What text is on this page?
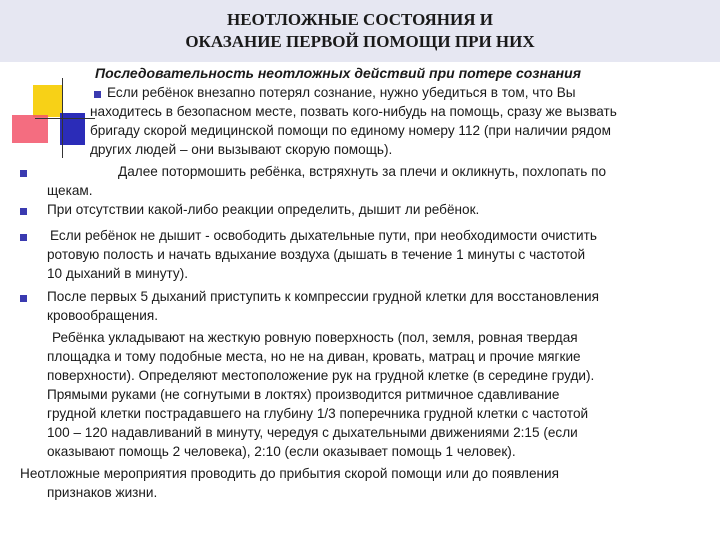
НЕОТЛОЖНЫЕ СОСТОЯНИЯ И
ОКАЗАНИЕ ПЕРВОЙ ПОМОЩИ ПРИ НИХ
Последовательность неотложных действий при потере сознания
Если ребёнок внезапно потерял сознание, нужно убедиться в том, что Вы
находитесь в безопасном месте, позвать кого-нибудь на помощь, сразу же вызвать
бригаду скорой медицинской помощи по единому номеру 112 (при наличии рядом
других людей – они вызывают скорую помощь).
Далее потормошить ребёнка, встряхнуть за плечи и окликнуть, похлопать по
щекам.
При отсутствии какой-либо реакции определить, дышит ли ребёнок.
Если ребёнок не дышит - освободить дыхательные пути, при необходимости очистить
ротовую полость и начать вдыхание воздуха (дышать в течение 1 минуты с частотой
10 дыханий в минуту).
После первых 5 дыханий приступить к компрессии грудной клетки для восстановления
кровообращения.
Ребёнка укладывают на жесткую ровную поверхность (пол, земля, ровная твердая
площадка и тому подобные места, но не на диван, кровать, матрац и прочие мягкие
поверхности). Определяют местоположение рук на грудной клетке (в середине груди).
Прямыми руками (не согнутыми в локтях) производится ритмичное сдавливание
грудной клетки пострадавшего на глубину 1/3 поперечника грудной клетки с частотой
100 – 120 надавливаний в минуту, чередуя с дыхательными движениями 2:15 (если
оказывают помощь 2 человека), 2:10 (если оказывает помощь 1 человек).
Неотложные мероприятия проводить до прибытия скорой помощи или до появления
признаков жизни.
